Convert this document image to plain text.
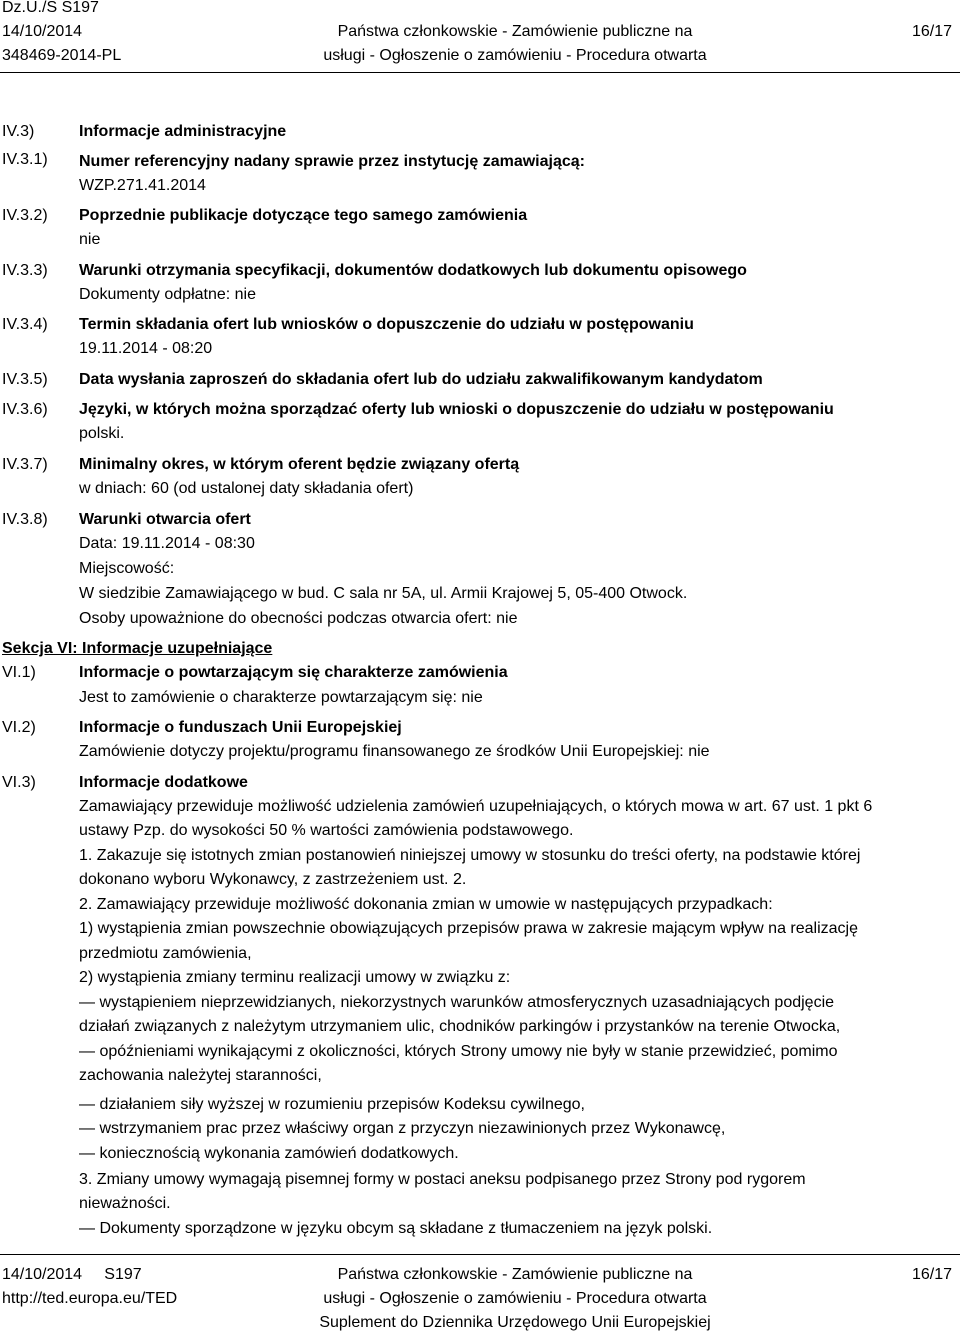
Dz.U./S S197
14/10/2014
348469-2014-PL
Państwa członkowskie - Zamówienie publiczne na
usługi - Ogłoszenie o zamówieniu - Procedura otwarta
16/17
IV.3)	Informacje administracyjne
IV.3.1) Numer referencyjny nadany sprawie przez instytucję zamawiającą:
WZP.271.41.2014
IV.3.2) Poprzednie publikacje dotyczące tego samego zamówienia
nie
IV.3.3) Warunki otrzymania specyfikacji, dokumentów dodatkowych lub dokumentu opisowego
Dokumenty odpłatne: nie
IV.3.4) Termin składania ofert lub wniosków o dopuszczenie do udziału w postępowaniu
19.11.2014 - 08:20
IV.3.5) Data wysłania zaproszeń do składania ofert lub do udziału zakwalifikowanym kandydatom
IV.3.6) Języki, w których można sporządzać oferty lub wnioski o dopuszczenie do udziału w postępowaniu
polski.
IV.3.7) Minimalny okres, w którym oferent będzie związany ofertą
w dniach: 60 (od ustalonej daty składania ofert)
IV.3.8) Warunki otwarcia ofert
Data: 19.11.2014 - 08:30
Miejscowość:
W siedzibie Zamawiającego w bud. C sala nr 5A, ul. Armii Krajowej 5, 05-400 Otwock.
Osoby upoważnione do obecności podczas otwarcia ofert: nie
Sekcja VI: Informacje uzupełniające
VI.1)	Informacje o powtarzającym się charakterze zamówienia
Jest to zamówienie o charakterze powtarzającym się: nie
VI.2)	Informacje o funduszach Unii Europejskiej
Zamówienie dotyczy projektu/programu finansowanego ze środków Unii Europejskiej: nie
VI.3)	Informacje dodatkowe
Zamawiający przewiduje możliwość udzielenia zamówień uzupełniających, o których mowa w art. 67 ust. 1 pkt 6
ustawy Pzp. do wysokości 50 % wartości zamówienia podstawowego.
1. Zakazuje się istotnych zmian postanowień niniejszej umowy w stosunku do treści oferty, na podstawie której
dokonano wyboru Wykonawcy, z zastrzeżeniem ust. 2.
2. Zamawiający przewiduje możliwość dokonania zmian w umowie w następujących przypadkach:
1) wystąpienia zmian powszechnie obowiązujących przepisów prawa w zakresie mającym wpływ na realizację
przedmiotu zamówienia,
2) wystąpienia zmiany terminu realizacji umowy w związku z:
— wystąpieniem nieprzewidzianych, niekorzystnych warunków atmosferycznych uzasadniających podjęcie
działań związanych z należytym utrzymaniem ulic, chodników parkingów i przystanków na terenie Otwocka,
— opóźnieniami wynikającymi z okoliczności, których Strony umowy nie były w stanie przewidzieć, pomimo
zachowania należytej staranności,
— działaniem siły wyższej w rozumieniu przepisów Kodeksu cywilnego,
— wstrzymaniem prac przez właściwy organ z przyczyn niezawinionych przez Wykonawcę,
— koniecznością wykonania zamówień dodatkowych.
3. Zmiany umowy wymagają pisemnej formy w postaci aneksu podpisanego przez Strony pod rygorem
nieważności.
— Dokumenty sporządzone w języku obcym są składane z tłumaczeniem na język polski.
14/10/2014     S197
http://ted.europa.eu/TED
Państwa członkowskie - Zamówienie publiczne na
usługi - Ogłoszenie o zamówieniu - Procedura otwarta
Suplement do Dziennika Urzędowego Unii Europejskiej
16/17
